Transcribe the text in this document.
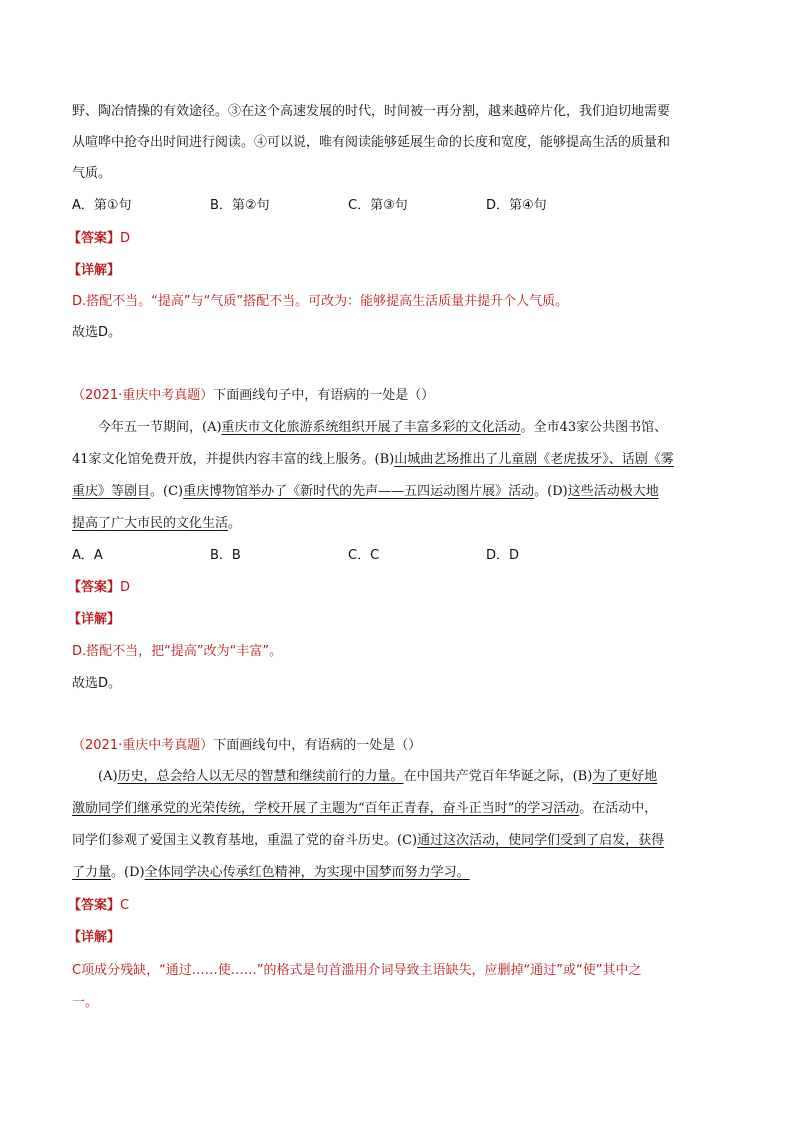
野、陶冶情操的有效途径。③在这个高速发展的时代，时间被一再分割，越来越碎片化，我们迫切地需要
从喧哗中抢夺出时间进行阅读。④可以说，唯有阅读能够延展生命的长度和宽度，能够提高生活的质量和
气质。
A．第①句	B．第②句	C．第③句	D．第④句
【答案】D
【详解】
D.搭配不当。“提高”与“气质”搭配不当。可改为：能够提高生活质量并提升个人气质。
故选D。
（2021·重庆中考真题）下面画线句子中，有语病的一处是（）
今年五一节期间，(A)重庆市文化旅游系统组织开展了丰富多彩的文化活动。全市43家公共图书馆、
41家文化馆免费开放，并提供内容丰富的线上服务。(B)山城曲艺场推出了儿童剧《老虎拔牙》、话剧《雾
重庆》等剧目。(C)重庆博物馆举办了《新时代的先声——五四运动图片展》活动。(D)这些活动极大地
提高了广大市民的文化生活。
A．A	B．B	C．C	D．D
【答案】D
【详解】
D.搭配不当，把“提高”改为“丰富”。
故选D。
（2021·重庆中考真题）下面画线句中，有语病的一处是（）
(A)历史，总会给人以无尽的智慧和继续前行的力量。在中国共产党百年华诞之际，(B)为了更好地
激励同学们继承党的光荣传统，学校开展了主题为“百年正青春，奋斗正当时”的学习活动。在活动中，
同学们参观了爱国主义教育基地，重温了党的奋斗历史。(C)通过这次活动，使同学们受到了启发，获得
了力量。(D)全体同学决心传承红色精神，为实现中国梦而努力学习。
【答案】C
【详解】
C项成分残缺，“通过……使……”的格式是句首滥用介词导致主语缺失，应删掉“通过”或“使”其中之
一。
